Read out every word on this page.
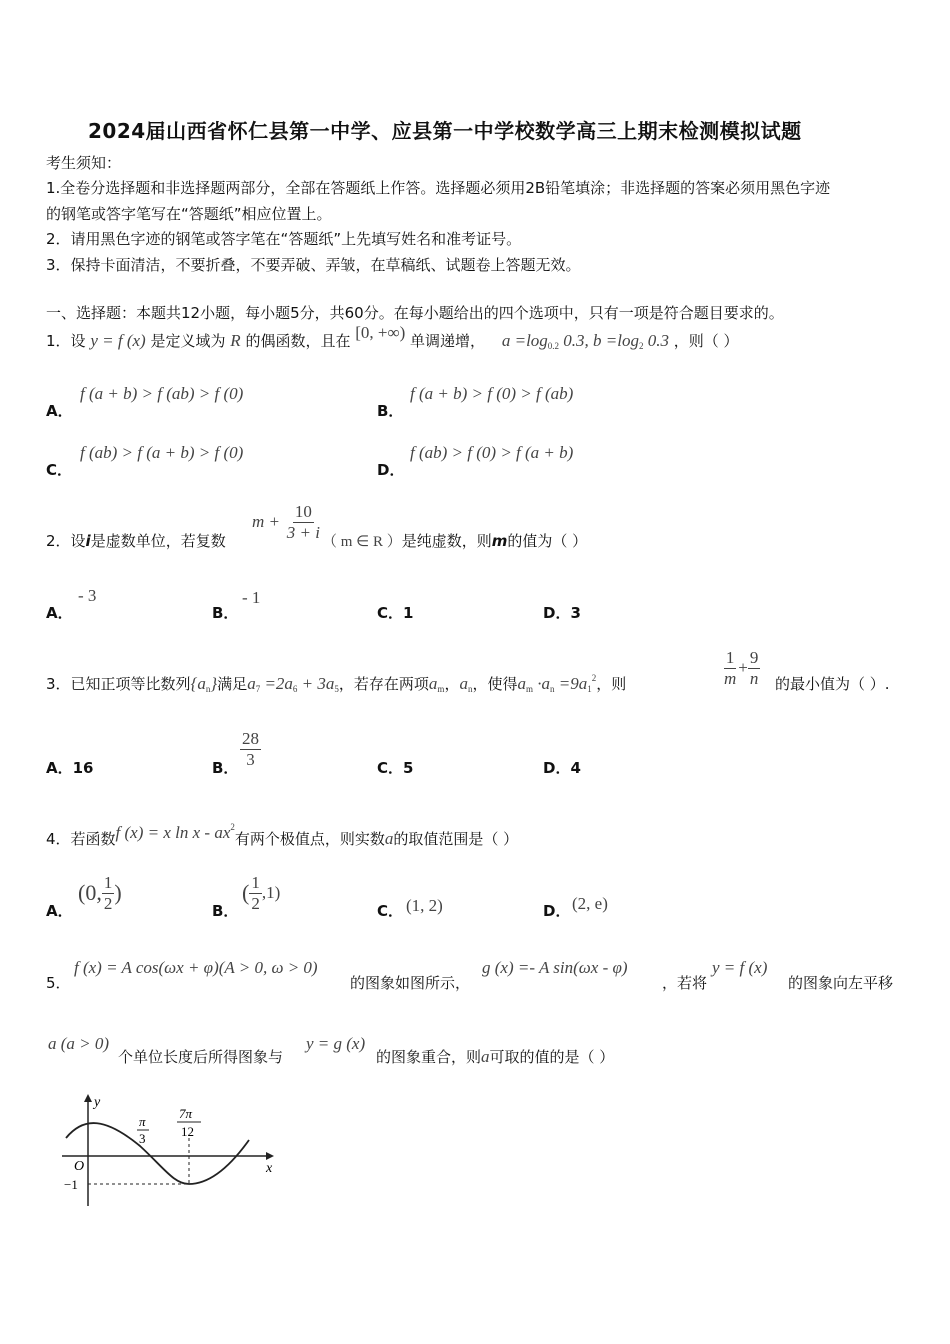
2024届山西省怀仁县第一中学、应县第一中学校数学高三上期末检测模拟试题
考生须知：
1.全卷分选择题和非选择题两部分，全部在答题纸上作答。选择题必须用2B铅笔填涂；非选择题的答案必须用黑色字迹
的钢笔或答字笔写在“答题纸”相应位置上。
2．请用黑色字迹的钢笔或答字笔在“答题纸”上先填写姓名和准考证号。
3．保持卡面清洁，不要折叠，不要弄破、弄皱，在草稿纸、试题卷上答题无效。
一、选择题：本题共12小题，每小题5分，共60分。在每小题给出的四个选项中，只有一项是符合题目要求的。
1．设 y = f (x) 是定义域为 R 的偶函数，且在 [0, +∞) 单调递增， $a =\log_{0.2}$ 0.3, $b =\log_2$ 0.3 ，则（ ）
A．
f (a + b) > f (ab) > f (0)
B．
f (a + b) > f (0) > f (ab)
C．
f (ab) > f (a + b) > f (0)
D．
f (ab) > f (0) > f (a + b)
2．设i是虚数单位，若复数
$m + \frac{10}{3 + i}$ （ m ∈ R ）是纯虚数，则m的值为（ ）
A．
- 3
B．
- 1
C．1	D．3
3．已知正项等比数列$\{a_n\}$满足$a_7 =2a_6 + 3a_5$，若存在两项$a_m$，$a_n$，使得$a_m \cdot a_n =9a_1^2$，则	$\frac{1}{m} + \frac{9}{n}$ 的最小值为（ ）.
A．16	B． $\frac{28}{3}$	C．5	D．4
4．若函数f (x) = x ln x - $ax^2$有两个极值点，则实数a的取值范围是（ ）
A．
(0, $\frac{1}{2}$ )
B．
( $\frac{1}{2} ,1$)
C． (1, 2)	D． (2, e)
5．
f (x) = A cos(ωx + φ)(A > 0, ω > 0)
的图象如图所示，
g (x) =- A sin(ωx - φ)
，若将
y = f (x)
的图象向左平移
a (a > 0)
个单位长度后所得图象与
y = g (x)
的图象重合，则a可取的值的是（ ）
y
x
O
π
3
7π
12
−1
